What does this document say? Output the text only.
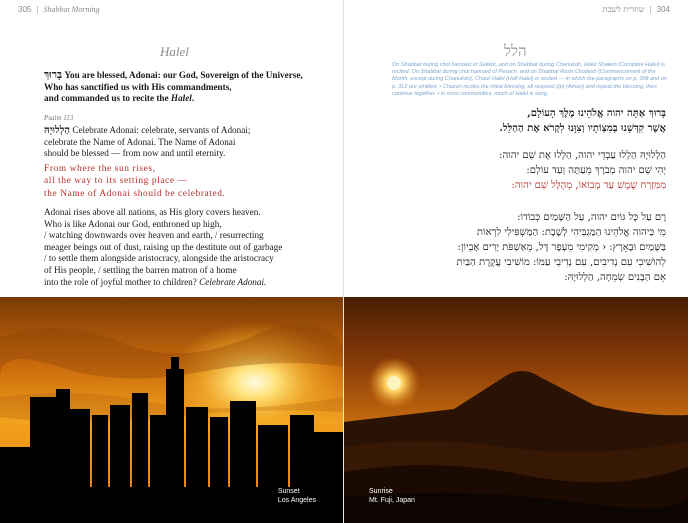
305 | Shabbat Morning
Halel
בָּרוּךְ You are blessed, Adonai: our God, Sovereign of the Universe,
Who has sanctified us with His commandments,
and commanded us to recite the Halel.
Psalm 113
הַלְלוּיָהּ Celebrate Adonai: celebrate, servants of Adonai;
celebrate the Name of Adonai. The Name of Adonai
should be blessed — from now and until eternity.
From where the sun rises,
all the way to its setting place —
the Name of Adonai should be celebrated.
Adonai rises above all nations, as His glory covers heaven.
Who is like Adonai our God, enthroned up high,
/ watching downwards over heaven and earth, / resurrecting
meager beings out of dust, raising up the destitute out of garbage
/ to settle them alongside aristocracy, alongside the aristocracy
of His people, / settling the barren matron of a home
into the role of joyful mother to children? Celebrate Adonai.
Sunset
Los Angeles
304|שחרית לשבת
הלל
On Shabbat during chol hamoed of Sukkot, and on Shabbat during Chanukah, Halel Shalem (Complete Halel) is recited. On Shabbat during chol hamoed of Pesach, and on Shabbat Rosh Chodesh (Commencement of the Month, except during Chanukah), Chatzi Halel (Half Halel) is recited — in which the paragraphs on p. 308 and on p. 312 are omitted. • Chazan recites the initial blessing, all respond אָמֵן (Amen) and repeat the blessing, then continue together. • In most communities, much of Halel is sung.
בָּרוּךְ אַתָּה יהוה אֱלֹהֵינוּ מֶלֶךְ הָעוֹלָם,
אֲשֶׁר קִדְּשָׁנוּ בְּמִצְוֹתָיו וְצִוָּנוּ לִקְרֹא אֶת הַהַלֵּל.
הַלְלוּיָהּ הַלְלוּ עַבְדֵי יהוה, הַלְלוּ אֶת שֵׁם יהוה:
יְהִי שֵׁם יהוה מְבֹרָךְ מֵעַתָּה וְעַד עוֹלָם:
מִמִּזְרַח שֶׁמֶשׁ עַד מְבוֹאוֹ, מְהֻלָּל שֵׁם יהוה:
רָם עַל כָּל גּוֹיִם יהוה, עַל הַשָּׁמַיִם כְּבוֹדוֹ:
מִי כַּיהוה אֱלֹהֵינוּ הַמַּגְבִּיהִי לָשָׁבֶת: הַמַּשְׁפִּילִי לִרְאוֹת
בַּשָּׁמַיִם וּבָאָרֶץ: ‹ מְקִימִי מֵעָפָר דָּל, מֵאַשְׁפֹּת יָרִים אֶבְיוֹן:
לְהוֹשִׁיבִי עִם נְדִיבִים, עִם נְדִיבֵי עַמּוֹ: מוֹשִׁיבִי עֲקֶרֶת הַבַּיִת
אֵם הַבָּנִים שְׂמֵחָה, הַלְלוּיָהּ:
Sunrise
Mt. Fuji, Japan
